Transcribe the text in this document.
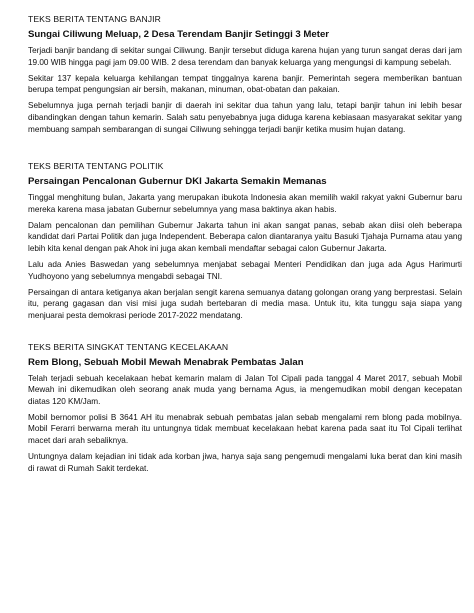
TEKS BERITA TENTANG BANJIR
Sungai Ciliwung Meluap, 2 Desa Terendam Banjir Setinggi 3 Meter

Terjadi banjir bandang di sekitar sungai Ciliwung. Banjir tersebut diduga karena hujan yang turun sangat deras dari jam 19.00 WIB hingga pagi jam 09.00 WIB. 2 desa terendam dan banyak keluarga yang mengungsi di kampung sebelah.

Sekitar 137 kepala keluarga kehilangan tempat tinggalnya karena banjir. Pemerintah segera memberikan bantuan berupa tempat pengungsian air bersih, makanan, minuman, obat-obatan dan pakaian.

Sebelumnya juga pernah terjadi banjir di daerah ini sekitar dua tahun yang lalu, tetapi banjir tahun ini lebih besar dibandingkan dengan tahun kemarin. Salah satu penyebabnya juga diduga karena kebiasaan masyarakat sekitar yang membuang sampah sembarangan di sungai Ciliwung sehingga terjadi banjir ketika musim hujan datang.

TEKS BERITA TENTANG POLITIK
Persaingan Pencalonan Gubernur DKI Jakarta Semakin Memanas

Tinggal menghitung bulan, Jakarta yang merupakan ibukota Indonesia akan memilih wakil rakyat yakni Gubernur baru mereka karena masa jabatan Gubernur sebelumnya yang masa baktinya akan habis.

Dalam pencalonan dan pemilihan Gubernur Jakarta tahun ini akan sangat panas, sebab akan diisi oleh beberapa kandidat dari Partai Politik dan juga Independent. Beberapa calon diantaranya yaitu Basuki Tjahaja Purnama atau yang lebih kita kenal dengan pak Ahok ini juga akan kembali mendaftar sebagai calon Gubernur Jakarta.

Lalu ada Anies Baswedan yang sebelumnya menjabat sebagai Menteri Pendidikan dan juga ada Agus Harimurti Yudhoyono yang sebelumnya mengabdi sebagai TNI.

Persaingan di antara ketiganya akan berjalan sengit karena semuanya datang golongan orang yang berprestasi. Selain itu, perang gagasan dan visi misi juga sudah bertebaran di media masa. Untuk itu, kita tunggu saja siapa yang menjuarai pesta demokrasi periode 2017-2022 mendatang.

TEKS BERITA SINGKAT TENTANG KECELAKAAN
Rem Blong, Sebuah Mobil Mewah Menabrak Pembatas Jalan

Telah terjadi sebuah kecelakaan hebat kemarin malam di Jalan Tol Cipali pada tanggal 4 Maret 2017, sebuah Mobil Mewah ini dikemudikan oleh seorang anak muda yang bernama Agus, ia mengemudikan mobil dengan kecepatan diatas 120 KM/Jam.

Mobil bernomor polisi B 3641 AH itu menabrak sebuah pembatas jalan sebab mengalami rem blong pada mobilnya. Mobil Ferarri berwarna merah itu untungnya tidak membuat kecelakaan hebat karena pada saat itu Tol Cipali terlihat macet dari arah sebaliknya.

Untungnya dalam kejadian ini tidak ada korban jiwa, hanya saja sang pengemudi mengalami luka berat dan kini masih di rawat di Rumah Sakit terdekat.
